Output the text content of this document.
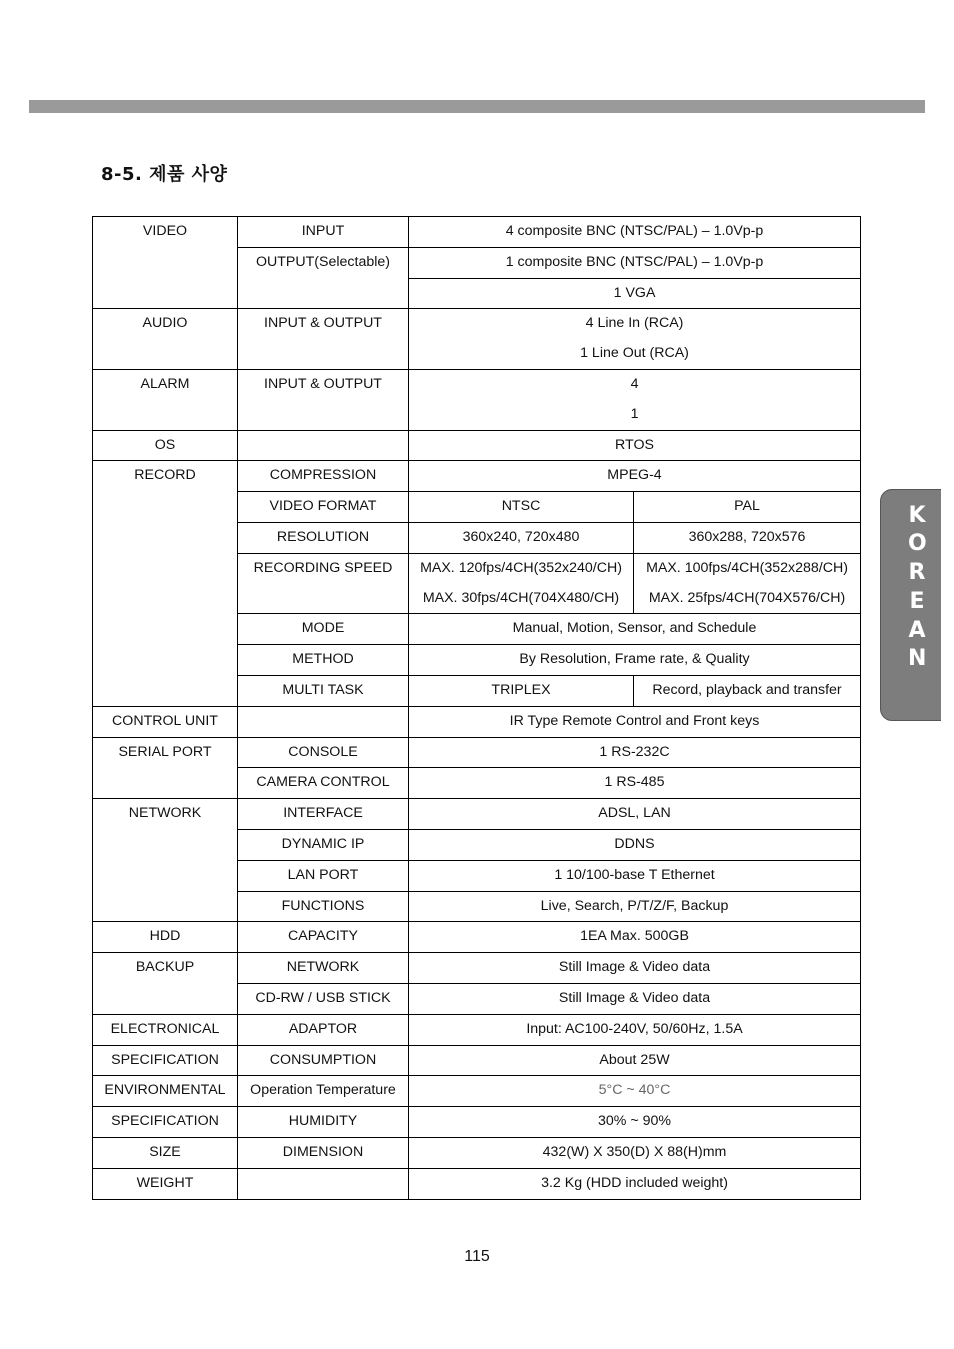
8-5. 제품 사양
VIDEO	INPUT	4 composite BNC (NTSC/PAL) – 1.0Vp-p	
	OUTPUT(Selectable)	1 composite BNC (NTSC/PAL) – 1.0Vp-p	
		1 VGA	
AUDIO	INPUT & OUTPUT	4 Line In (RCA)	
		1 Line Out (RCA)	
ALARM	INPUT & OUTPUT	4	
		1	
OS		RTOS	
RECORD	COMPRESSION	MPEG-4	
	VIDEO FORMAT	NTSC	PAL
	RESOLUTION	360x240, 720x480	360x288, 720x576
	RECORDING SPEED	MAX. 120fps/4CH(352x240/CH)	MAX. 100fps/4CH(352x288/CH)
		MAX. 30fps/4CH(704X480/CH)	MAX. 25fps/4CH(704X576/CH)
	MODE	Manual, Motion, Sensor, and Schedule	
	METHOD	By Resolution, Frame rate, & Quality	
	MULTI TASK	TRIPLEX	Record, playback and transfer
CONTROL UNIT		IR Type Remote Control and Front keys	
SERIAL PORT	CONSOLE	1 RS-232C	
	CAMERA CONTROL	1 RS-485	
NETWORK	INTERFACE	ADSL, LAN	
	DYNAMIC IP	DDNS	
	LAN PORT	1 10/100-base T Ethernet	
	FUNCTIONS	Live, Search, P/T/Z/F, Backup	
HDD	CAPACITY	1EA Max. 500GB	
BACKUP	NETWORK	Still Image & Video data	
	CD-RW / USB STICK	Still Image & Video data	
ELECTRONICAL	ADAPTOR	Input: AC100-240V, 50/60Hz, 1.5A	
SPECIFICATION	CONSUMPTION	About 25W	
ENVIRONMENTAL	Operation Temperature	5°C ~ 40°C	
SPECIFICATION	HUMIDITY	30% ~ 90%	
SIZE	DIMENSION	432(W) X 350(D) X 88(H)mm	
WEIGHT		3.2 Kg (HDD included weight)	
K
O
R
E
A
N
115
